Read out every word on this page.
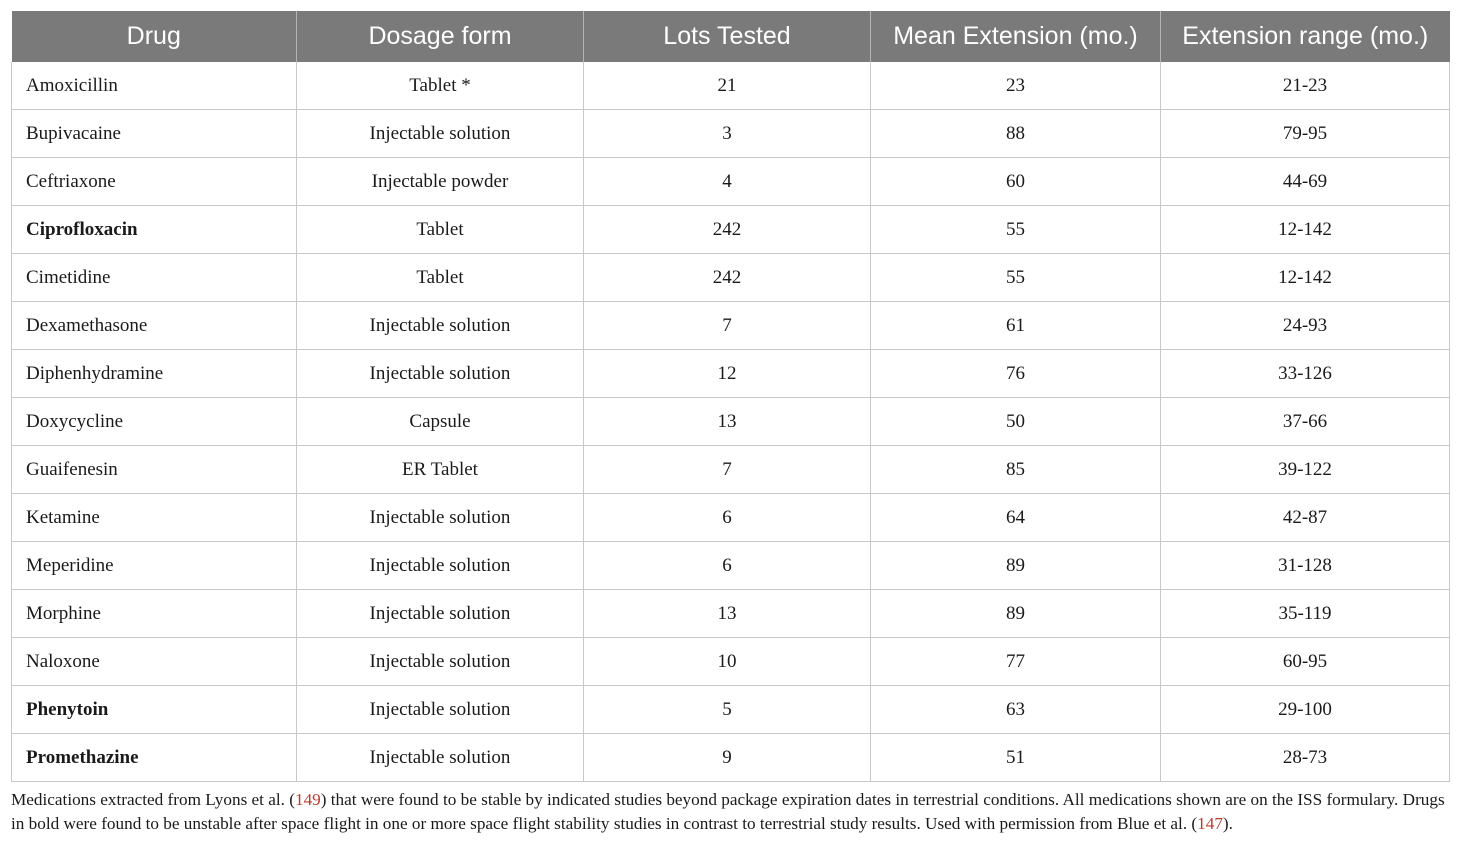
Drug	Dosage form	Lots Tested	Mean Extension (mo.)	Extension range (mo.)
Amoxicillin	Tablet *	21	23	21-23
Bupivacaine	Injectable solution	3	88	79-95
Ceftriaxone	Injectable powder	4	60	44-69
Ciprofloxacin	Tablet	242	55	12-142
Cimetidine	Tablet	242	55	12-142
Dexamethasone	Injectable solution	7	61	24-93
Diphenhydramine	Injectable solution	12	76	33-126
Doxycycline	Capsule	13	50	37-66
Guaifenesin	ER Tablet	7	85	39-122
Ketamine	Injectable solution	6	64	42-87
Meperidine	Injectable solution	6	89	31-128
Morphine	Injectable solution	13	89	35-119
Naloxone	Injectable solution	10	77	60-95
Phenytoin	Injectable solution	5	63	29-100
Promethazine	Injectable solution	9	51	28-73

Medications extracted from Lyons et al. (149) that were found to be stable by indicated studies beyond package expiration dates in terrestrial conditions. All medications shown are on the ISS formulary. Drugs in bold were found to be unstable after space flight in one or more space flight stability studies in contrast to terrestrial study results. Used with permission from Blue et al. (147).
